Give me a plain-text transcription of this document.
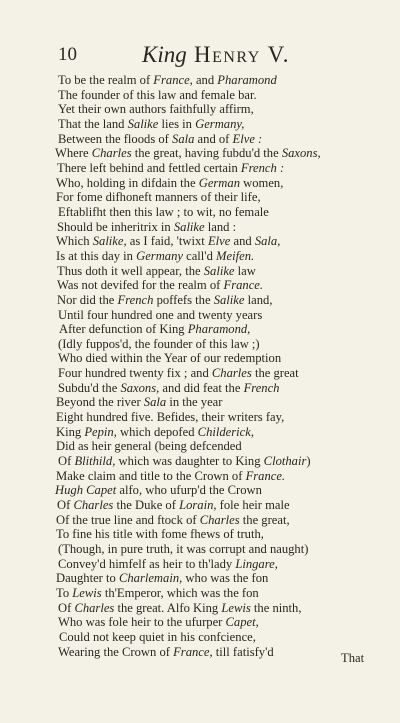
10	King Henry V.
To be the realm of France, and Pharamond
The founder of this law and female bar.
Yet their own authors faithfully affirm,
That the land Salike lies in Germany,
Between the floods of Sala and of Elve :
Where Charles the great, having fubdu'd the Saxons,
There left behind and fettled certain French :
Who, holding in difdain the German women,
For fome difhoneft manners of their life,
Eftablifht then this law ; to wit, no female
Should be inheritrix in Salike land :
Which Salike, as I faid, 'twixt Elve and Sala,
Is at this day in Germany call'd Meifen.
Thus doth it well appear, the Salike law
Was not devifed for the realm of France.
Nor did the French poffefs the Salike land,
Until four hundred one and twenty years
After defunction of King Pharamond,
(Idly fuppos'd, the founder of this law ;)
Who died within the Year of our redemption
Four hundred twenty fix ; and Charles the great
Subdu'd the Saxons, and did feat the French
Beyond the river Sala in the year
Eight hundred five. Befides, their writers fay,
King Pepin, which depofed Childerick,
Did as heir general (being defcended
Of Blithild, which was daughter to King Clothair)
Make claim and title to the Crown of France.
Hugh Capet alfo, who ufurp'd the Crown
Of Charles the Duke of Lorain, fole heir male
Of the true line and ftock of Charles the great,
To fine his title with fome fhews of truth,
(Though, in pure truth, it was corrupt and naught)
Convey'd himfelf as heir to th'lady Lingare,
Daughter to Charlemain, who was the fon
To Lewis th'Emperor, which was the fon
Of Charles the great. Alfo King Lewis the ninth,
Who was fole heir to the ufurper Capet,
Could not keep quiet in his confcience,
Wearing the Crown of France, till fatisfy'd	That
